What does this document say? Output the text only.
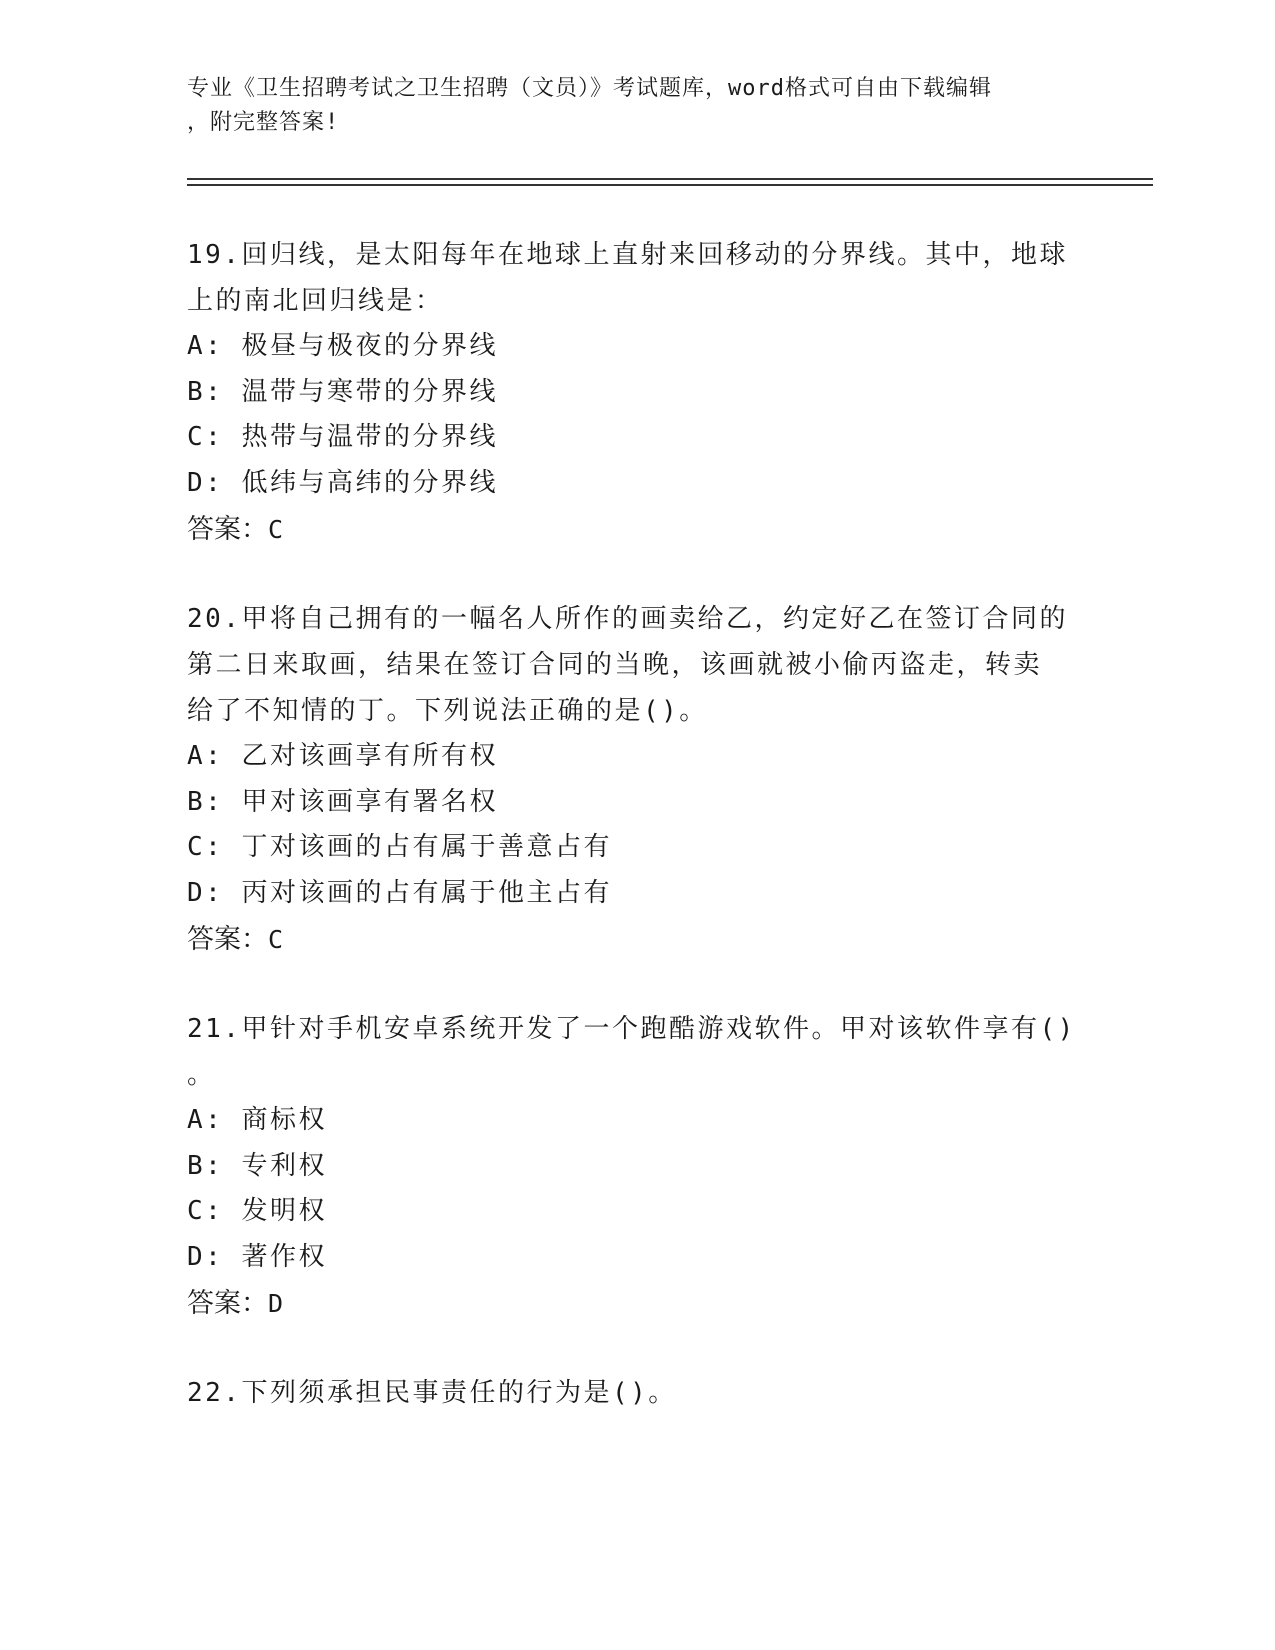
专业《卫生招聘考试之卫生招聘（文员）》考试题库，word格式可自由下载编辑
，附完整答案!
19.回归线，是太阳每年在地球上直射来回移动的分界线。其中，地球
上的南北回归线是：
A: 极昼与极夜的分界线
B: 温带与寒带的分界线
C: 热带与温带的分界线
D: 低纬与高纬的分界线
答案：C
20.甲将自己拥有的一幅名人所作的画卖给乙，约定好乙在签订合同的
第二日来取画，结果在签订合同的当晚，该画就被小偷丙盗走，转卖
给了不知情的丁。下列说法正确的是()。
A: 乙对该画享有所有权
B: 甲对该画享有署名权
C: 丁对该画的占有属于善意占有
D: 丙对该画的占有属于他主占有
答案：C
21.甲针对手机安卓系统开发了一个跑酷游戏软件。甲对该软件享有()
。
A: 商标权
B: 专利权
C: 发明权
D: 著作权
答案：D
22.下列须承担民事责任的行为是()。
